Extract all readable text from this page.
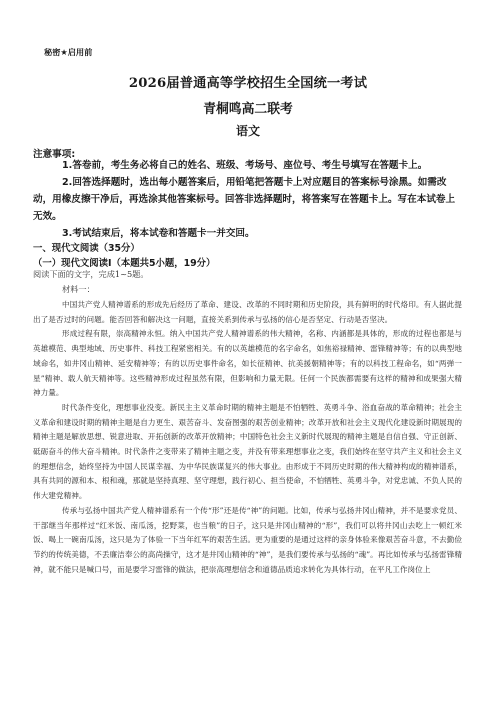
秘密★启用前
2026届普通高等学校招生全国统一考试
青桐鸣高二联考
语文
注意事项:
1.答卷前，考生务必将自己的姓名、班级、考场号、座位号、考生号填写在答题卡上。
2.回答选择题时，选出每小题答案后，用铅笔把答题卡上对应题目的答案标号涂黑。如需改动，用橡皮擦干净后，再选涂其他答案标号。回答非选择题时，将答案写在答题卡上。写在本试卷上无效。
3.考试结束后，将本试卷和答题卡一并交回。
一、现代文阅读（35分）
（一）现代文阅读Ⅰ（本题共5小题，19分）
阅读下面的文字，完成1~5题。
材料一：

中国共产党人精神谱系的形成先后经历了革命、建设、改革的不同时期和历史阶段，具有鲜明的时代烙印。有人据此提出了是否过时的问题。能否回答和解决这一问题，直接关系到传承与弘扬的信心是否坚定、行动是否坚决。

形成过程有限，崇高精神永恒。纳入中国共产党人精神谱系的伟大精神，名称、内涵都是具体的，形成的过程也都是与英雄模范、典型地域、历史事件、科技工程紧密相关。有的以英雄模范的名字命名，如焦裕禄精神、雷锋精神等；有的以典型地域命名，如井冈山精神、延安精神等；有的以历史事件命名，如长征精神、抗美援朝精神等；有的以科技工程命名，如“两弹一星”精神、载人航天精神等。这些精神形成过程虽然有限，但影响和力量无限。任何一个民族都需要有这样的精神和成果强大精神力量。

时代条件变化，理想事业没变。新民主主义革命时期的精神主题是不怕牺牲、英勇斗争、浴血奋战的革命精神；社会主义革命和建设时期的精神主题是自力更生、艰苦奋斗、发奋图强的艰苦创业精神；改革开放和社会主义现代化建设新时期展现的精神主题是解放思想、锐意进取、开拓创新的改革开放精神；中国特色社会主义新时代展现的精神主题是自信自强、守正创新、砥砺奋斗的伟大奋斗精神。时代条件之变带来了精神主题之变，并没有带来理想事业之变，我们始终在坚守共产主义和社会主义的理想信念，始终坚持为中国人民谋幸福、为中华民族谋复兴的伟大事业。由形成于不同历史时期的伟大精神构成的精神谱系，具有共同的源和本、根和魂，那就是坚持真理、坚守理想，践行初心、担当使命，不怕牺牲、英勇斗争，对党忠诚、不负人民的伟大建党精神。

传承与弘扬中国共产党人精神谱系有一个传“形”还是传“神”的问题。比如，传承与弘扬井冈山精神，并不是要求党员、干部继当年那样过“红米饭、南瓜汤，挖野菜，也当粮”的日子，这只是井冈山精神的“形”，我们可以将井冈山去吃上一顿红米饭、喝上一碗南瓜汤，这只是为了体验一下当年红军的艰苦生活。更为重要的是通过这样的亲身体验来像艰苦奋斗意，不去勤俭节约的传统美德，不丢廉洁奉公的高尚操守，这才是井冈山精神的“神”，是我们要传承与弘扬的“魂”。再比如传承与弘扬雷锋精神，就不能只是喊口号，而是要学习雷锋的做法，把崇高理想信念和道德品质追求转化为具体行动，在平凡工作岗位上
